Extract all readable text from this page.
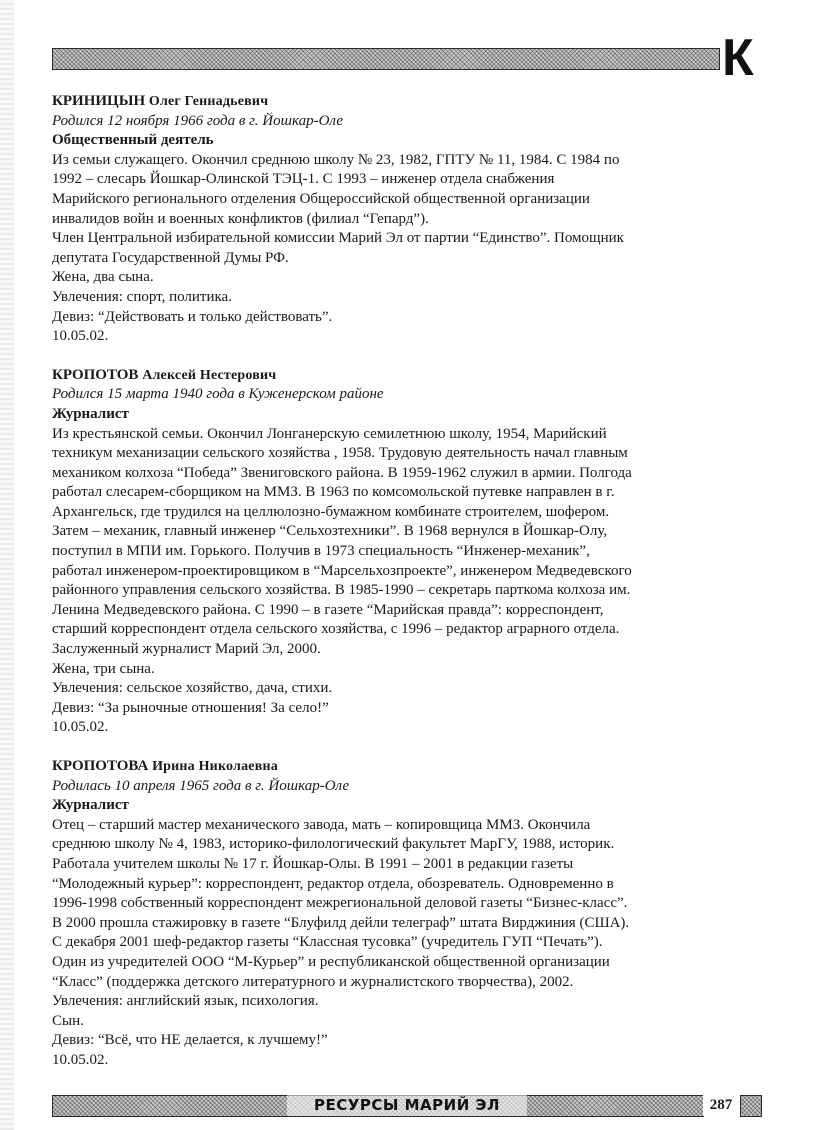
К
КРИНИЦЫН Олег Геннадьевич
Родился 12 ноября 1966 года в г. Йошкар-Оле
Общественный деятель
Из семьи служащего. Окончил среднюю школу № 23, 1982, ГПТУ № 11, 1984. С 1984 по
1992 – слесарь Йошкар-Олинской ТЭЦ-1. С 1993 – инженер отдела снабжения
Марийского регионального отделения Общероссийской общественной организации
инвалидов войн и военных конфликтов (филиал “Гепард”).
Член Центральной избирательной комиссии Марий Эл от партии “Единство”. Помощник
депутата Государственной Думы РФ.
Жена, два сына.
Увлечения: спорт, политика.
Девиз: “Действовать и только действовать”.
10.05.02.
КРОПОТОВ Алексей Нестерович
Родился 15 марта 1940 года в Куженерском районе
Журналист
Из крестьянской семьи. Окончил Лонганерскую семилетнюю школу, 1954, Марийский
техникум механизации сельского хозяйства , 1958. Трудовую деятельность начал главным
механиком колхоза “Победа” Звениговского района. В 1959-1962 служил в армии. Полгода
работал слесарем-сборщиком на ММЗ. В 1963 по комсомольской путевке направлен в г.
Архангельск, где трудился на целлюлозно-бумажном комбинате строителем, шофером.
Затем – механик, главный инженер “Сельхозтехники”. В 1968 вернулся в Йошкар-Олу,
поступил в МПИ им. Горького. Получив в 1973 специальность “Инженер-механик”,
работал инженером-проектировщиком в “Марсельхозпроекте”, инженером Медведевского
районного управления сельского хозяйства. В 1985-1990 – секретарь парткома колхоза им.
Ленина Медведевского района. С 1990 – в газете “Марийская правда”: корреспондент,
старший корреспондент отдела сельского хозяйства, с 1996 – редактор аграрного отдела.
Заслуженный журналист Марий Эл, 2000.
Жена, три сына.
Увлечения: сельское хозяйство, дача, стихи.
Девиз: “За рыночные отношения! За село!”
10.05.02.
КРОПОТОВА Ирина Николаевна
Родилась 10 апреля 1965 года в г. Йошкар-Оле
Журналист
Отец – старший мастер механического завода, мать – копировщица ММЗ. Окончила
среднюю школу № 4, 1983, историко-филологический факультет МарГУ, 1988, историк.
Работала учителем школы № 17 г. Йошкар-Олы. В 1991 – 2001 в редакции газеты
“Молодежный курьер”: корреспондент, редактор отдела, обозреватель. Одновременно в
1996-1998 собственный корреспондент межрегиональной деловой газеты “Бизнес-класс”.
В 2000 прошла стажировку в газете “Блуфилд дейли телеграф” штата Вирджиния (США).
С декабря 2001 шеф-редактор газеты “Классная тусовка” (учредитель ГУП “Печать”).
Один из учредителей ООО “М-Курьер” и республиканской общественной организации
“Класс” (поддержка детского литературного и журналистского творчества), 2002.
Увлечения: английский язык, психология.
Сын.
Девиз: “Всё, что НЕ делается, к лучшему!”
10.05.02.
РЕСУРСЫ МАРИЙ ЭЛ	287
